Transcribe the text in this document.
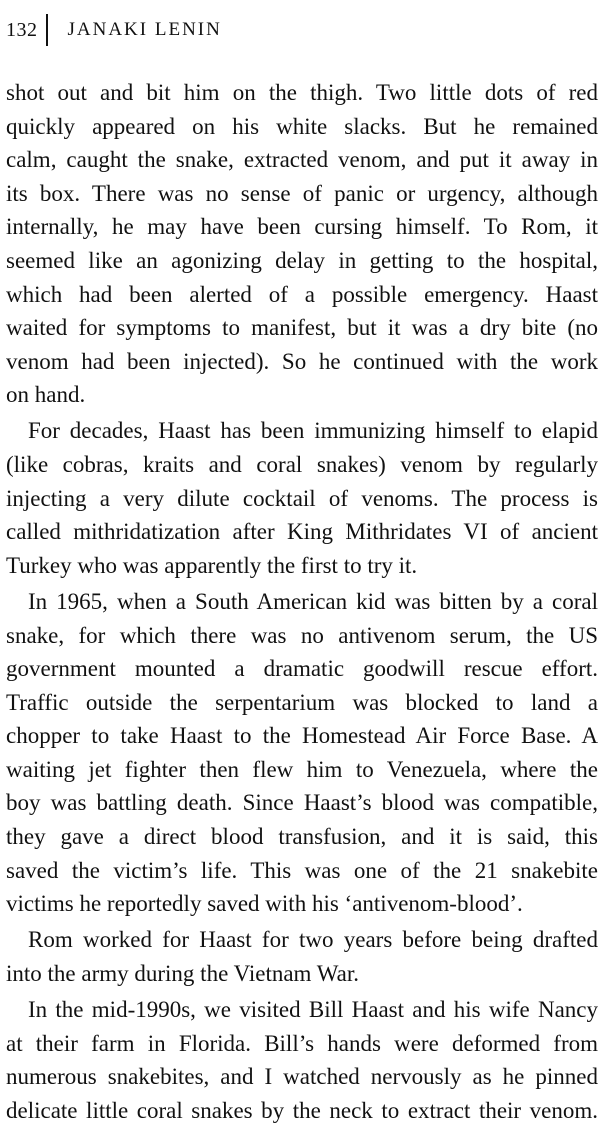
132 JANAKI LENIN
shot out and bit him on the thigh. Two little dots of red
quickly appeared on his white slacks. But he remained
calm, caught the snake, extracted venom, and put it away in
its box. There was no sense of panic or urgency, although
internally, he may have been cursing himself. To Rom, it
seemed like an agonizing delay in getting to the hospital,
which had been alerted of a possible emergency. Haast
waited for symptoms to manifest, but it was a dry bite (no
venom had been injected). So he continued with the work
on hand.
For decades, Haast has been immunizing himself to elapid
(like cobras, kraits and coral snakes) venom by regularly
injecting a very dilute cocktail of venoms. The process is
called mithridatization after King Mithridates VI of ancient
Turkey who was apparently the first to try it.
In 1965, when a South American kid was bitten by a coral
snake, for which there was no antivenom serum, the US
government mounted a dramatic goodwill rescue effort.
Traffic outside the serpentarium was blocked to land a
chopper to take Haast to the Homestead Air Force Base. A
waiting jet fighter then flew him to Venezuela, where the
boy was battling death. Since Haast’s blood was compatible,
they gave a direct blood transfusion, and it is said, this
saved the victim’s life. This was one of the 21 snakebite
victims he reportedly saved with his ‘antivenom-blood’.
Rom worked for Haast for two years before being drafted
into the army during the Vietnam War.
In the mid-1990s, we visited Bill Haast and his wife Nancy
at their farm in Florida. Bill’s hands were deformed from
numerous snakebites, and I watched nervously as he pinned
delicate little coral snakes by the neck to extract their venom.
